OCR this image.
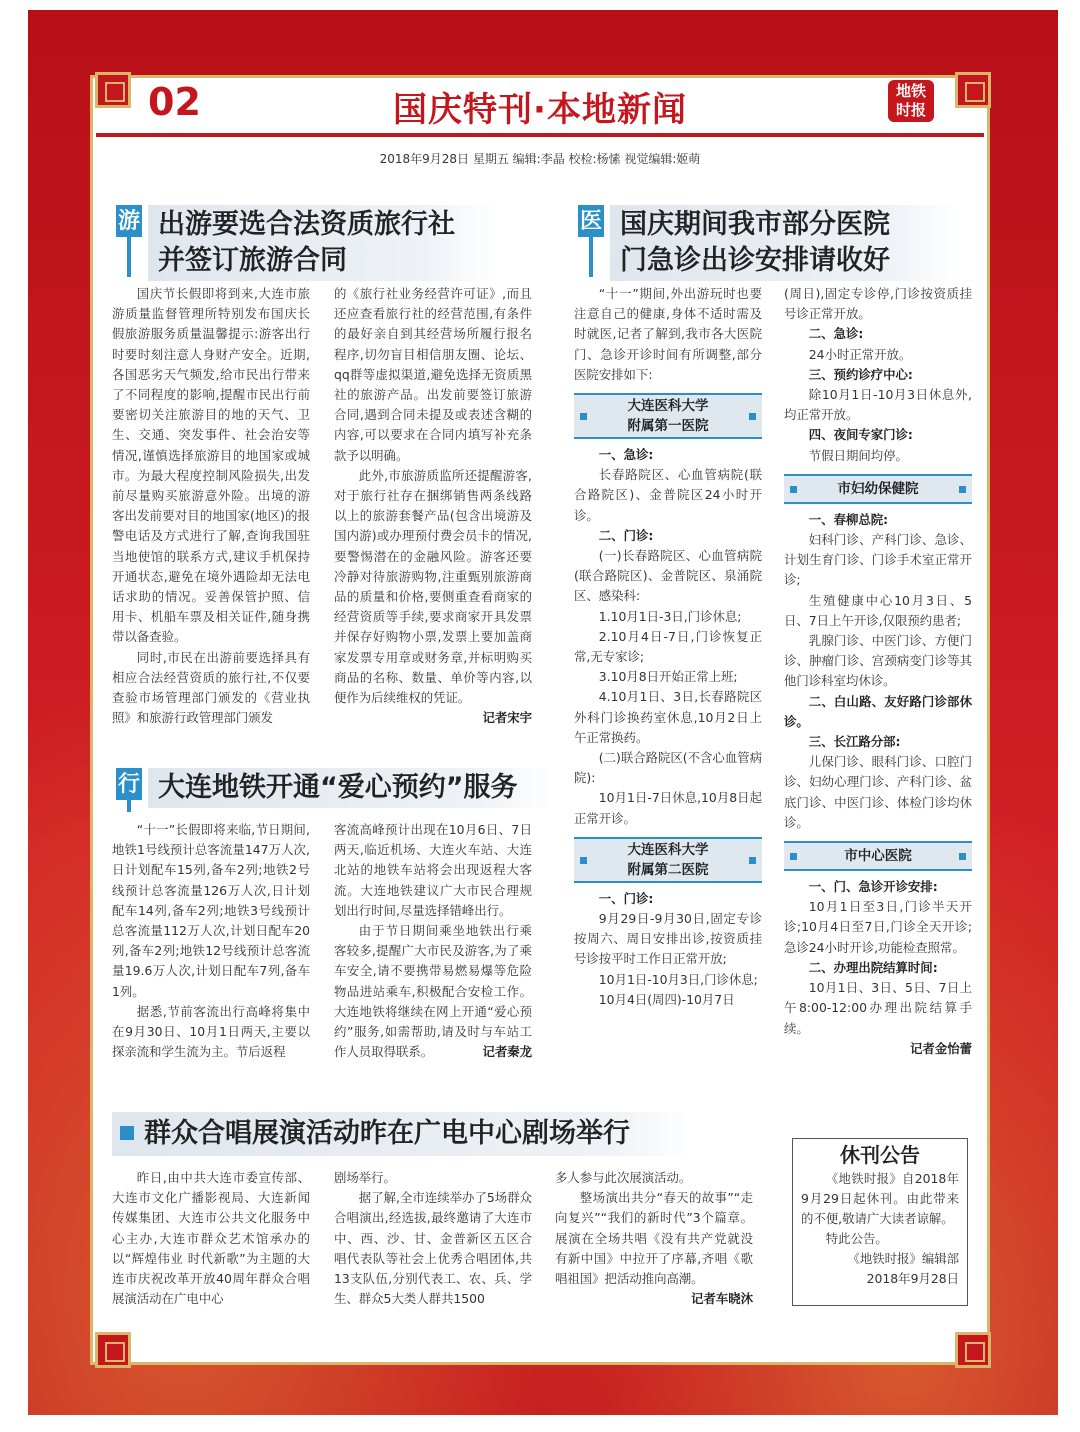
02	国庆特刊·本地新闻	地铁
时报
2018年9月28日 星期五 编辑:李晶 校检:杨愫 视觉编辑:姬萌
游 出游要选合法资质旅行社
并签订旅游合同

国庆节长假即将到来,大连市旅游质量监督管理所特别发布国庆长假旅游服务质量温馨提示:游客出行时要时刻注意人身财产安全。近期,各国恶劣天气频发,给市民出行带来了不同程度的影响,提醒市民出行前要密切关注旅游目的地的天气、卫生、交通、突发事件、社会治安等情况,谨慎选择旅游目的地国家或城市。为最大程度控制风险损失,出发前尽量购买旅游意外险。出境的游客出发前要对目的地国家(地区)的报警电话及方式进行了解,查询我国驻当地使馆的联系方式,建议手机保持开通状态,避免在境外遇险却无法电话求助的情况。妥善保管护照、信用卡、机船车票及相关证件,随身携带以备查验。

同时,市民在出游前要选择具有相应合法经营资质的旅行社,不仅要查验市场管理部门颁发的《营业执照》和旅游行政管理部门颁发

的《旅行社业务经营许可证》,而且还应查看旅行社的经营范围,有条件的最好亲自到其经营场所履行报名程序,切勿盲目相信朋友圈、论坛、qq群等虚拟渠道,避免选择无资质黑社的旅游产品。出发前要签订旅游合同,遇到合同未提及或表述含糊的内容,可以要求在合同内填写补充条款予以明确。

此外,市旅游质监所还提醒游客,对于旅行社存在捆绑销售两条线路以上的旅游套餐产品(包含出境游及国内游)或办理预付费会员卡的情况,要警惕潜在的金融风险。游客还要冷静对待旅游购物,注重甄别旅游商品的质量和价格,要侧重查看商家的经营资质等手续,要求商家开具发票并保存好购物小票,发票上要加盖商家发票专用章或财务章,并标明购买商品的名称、数量、单价等内容,以便作为后续维权的凭证。

记者宋宇

行 大连地铁开通“爱心预约”服务

“十一”长假即将来临,节日期间,地铁1号线预计总客流量147万人次,日计划配车15列,备车2列;地铁2号线预计总客流量126万人次,日计划配车14列,备车2列;地铁3号线预计总客流量112万人次,计划日配车20列,备车2列;地铁12号线预计总客流量19.6万人次,计划日配车7列,备车1列。

据悉,节前客流出行高峰将集中在9月30日、10月1日两天,主要以探亲流和学生流为主。节后返程

客流高峰预计出现在10月6日、7日两天,临近机场、大连火车站、大连北站的地铁车站将会出现返程大客流。大连地铁建议广大市民合理规划出行时间,尽量选择错峰出行。

由于节日期间乘坐地铁出行乘客较多,提醒广大市民及游客,为了乘车安全,请不要携带易燃易爆等危险物品进站乘车,积极配合安检工作。大连地铁将继续在网上开通“爱心预约”服务,如需帮助,请及时与车站工作人员取得联系。	记者秦龙

医 国庆期间我市部分医院
门急诊出诊安排请收好

“十一”期间,外出游玩时也要注意自己的健康,身体不适时需及时就医,记者了解到,我市各大医院门、急诊开诊时间有所调整,部分医院安排如下:

大连医科大学
附属第一医院

一、急诊:

长春路院区、心血管病院(联合路院区)、金普院区24小时开诊。

二、门诊:

(一)长春路院区、心血管病院(联合路院区)、金普院区、泉涌院区、感染科:

1.10月1日-3日,门诊休息;

2.10月4日-7日,门诊恢复正常,无专家诊;

3.10月8日开始正常上班;

4.10月1日、3日,长春路院区外科门诊换药室休息,10月2日上午正常换药。

(二)联合路院区(不含心血管病院):

10月1日-7日休息,10月8日起正常开诊。

大连医科大学
附属第二医院

一、门诊:

9月29日-9月30日,固定专诊按周六、周日安排出诊,按资质挂号诊按平时工作日正常开放;

10月1日-10月3日,门诊休息;

10月4日(周四)-10月7日

(周日),固定专诊停,门诊按资质挂号诊正常开放。

二、急诊:

24小时正常开放。

三、预约诊疗中心:

除10月1日-10月3日休息外,均正常开放。

四、夜间专家门诊:

节假日期间均停。

市妇幼保健院

一、春柳总院:

妇科门诊、产科门诊、急诊、计划生育门诊、门诊手术室正常开诊;

生殖健康中心10月3日、5日、7日上午开诊,仅限预约患者;

乳腺门诊、中医门诊、方便门诊、肿瘤门诊、宫颈病变门诊等其他门诊科室均休诊。

二、白山路、友好路门诊部休诊。

三、长江路分部:

儿保门诊、眼科门诊、口腔门诊、妇幼心理门诊、产科门诊、盆底门诊、中医门诊、体检门诊均休诊。

市中心医院

一、门、急诊开诊安排:

10月1日至3日,门诊半天开诊;10月4日至7日,门诊全天开诊;急诊24小时开诊,功能检查照常。

二、办理出院结算时间:

10月1日、3日、5日、7日上午8:00-12:00办理出院结算手续。

记者金怡蕾

群众合唱展演活动昨在广电中心剧场举行

昨日,由中共大连市委宣传部、大连市文化广播影视局、大连新闻传媒集团、大连市公共文化服务中心主办,大连市群众艺术馆承办的以“辉煌伟业 时代新歌”为主题的大连市庆祝改革开放40周年群众合唱展演活动在广电中心

剧场举行。

据了解,全市连续举办了5场群众合唱演出,经选拔,最终邀请了大连市中、西、沙、甘、金普新区五区合唱代表队等社会上优秀合唱团体,共13支队伍,分别代表工、农、兵、学生、群众5大类人群共1500

多人参与此次展演活动。

整场演出共分“春天的故事”“走向复兴”“我们的新时代”3个篇章。展演在全场共唱《没有共产党就没有新中国》中拉开了序幕,齐唱《歌唱祖国》把活动推向高潮。

记者车晓沐

休刊公告

《地铁时报》自2018年9月29日起休刊。由此带来的不便,敬请广大读者谅解。

特此公告。

《地铁时报》编辑部

2018年9月28日
